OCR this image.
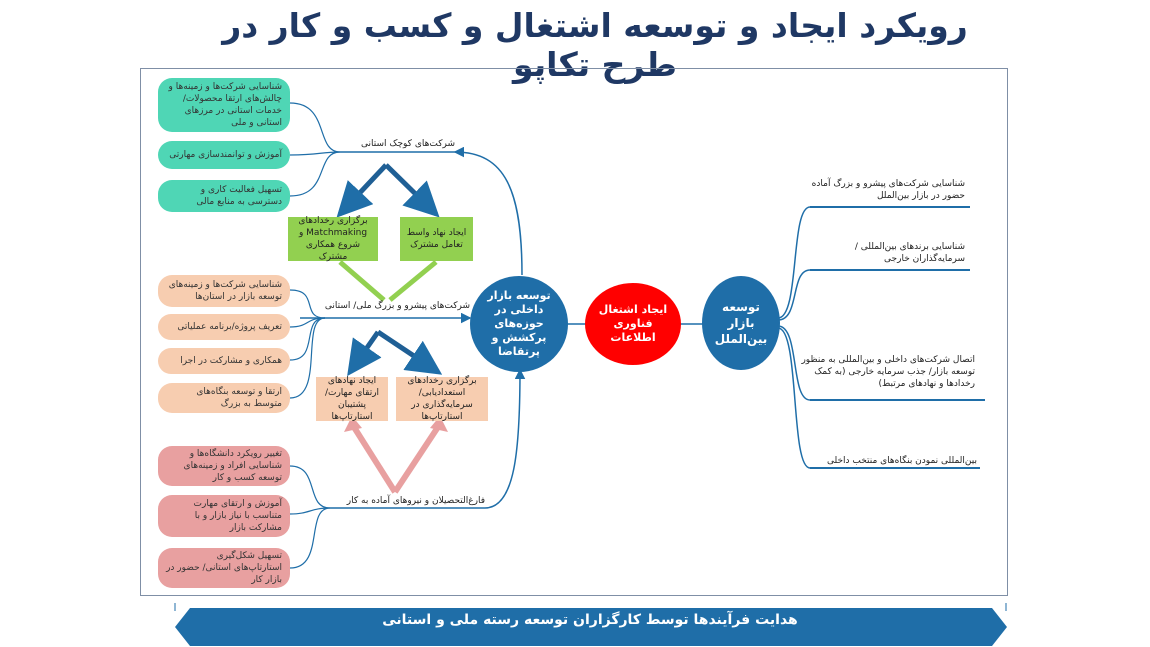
رویکرد ایجاد و توسعه اشتغال و کسب و کار در طرح تکاپو
شناسایی شرکت‌ها و زمینه‌ها و چالش‌های ارتقا محصولات/خدمات استانی در مرزهای استانی و ملی
آموزش و توانمندسازی مهارتی
تسهیل فعالیت کاری و دسترسی به منابع مالی
شرکت‌های کوچک استانی
برگزاری رخدادهای Matchmaking و شروع همکاری مشترک
ایجاد نهاد واسط تعامل مشترک
شناسایی شرکت‌ها و زمینه‌های توسعه بازار در استان‌ها
تعریف پروژه/برنامه عملیاتی
همکاری و مشارکت در اجرا
ارتقا و توسعه بنگاه‌های متوسط به بزرگ
شرکت‌های پیشرو و بزرگ ملی/ استانی
ایجاد نهادهای ارتقای مهارت/ پشتیبان استارتاپ‌ها
برگزاری رخدادهای استعدادیابی/ سرمایه‌گذاری در استارتاپ‌ها
تغییر رویکرد دانشگاه‌ها و شناسایی افراد و زمینه‌های توسعه کسب و کار
آموزش و ارتقای مهارت متناسب با نیاز بازار و با مشارکت بازار
تسهیل شکل‌گیری استارتاپ‌های استانی/ حضور در بازار کار
فارغ‌التحصیلان و نیروهای آماده به کار
توسعه بازار داخلی در حوزه‌های پرکشش و پرتقاضا
ایجاد اشتغال فناوری اطلاعات
توسعه بازار بین‌الملل
شناسایی شرکت‌های پیشرو و بزرگ آماده حضور در بازار بین‌الملل
شناسایی برندهای بین‌المللی / سرمایه‌گذاران خارجی
اتصال شرکت‌های داخلی و بین‌المللی به منظور توسعه بازار/ جذب سرمایه خارجی (به کمک رخدادها و نهادهای مرتبط)
بین‌المللی نمودن بنگاه‌های منتخب داخلی
هدایت فرآیندها توسط کارگزاران توسعه رسته ملی و استانی
